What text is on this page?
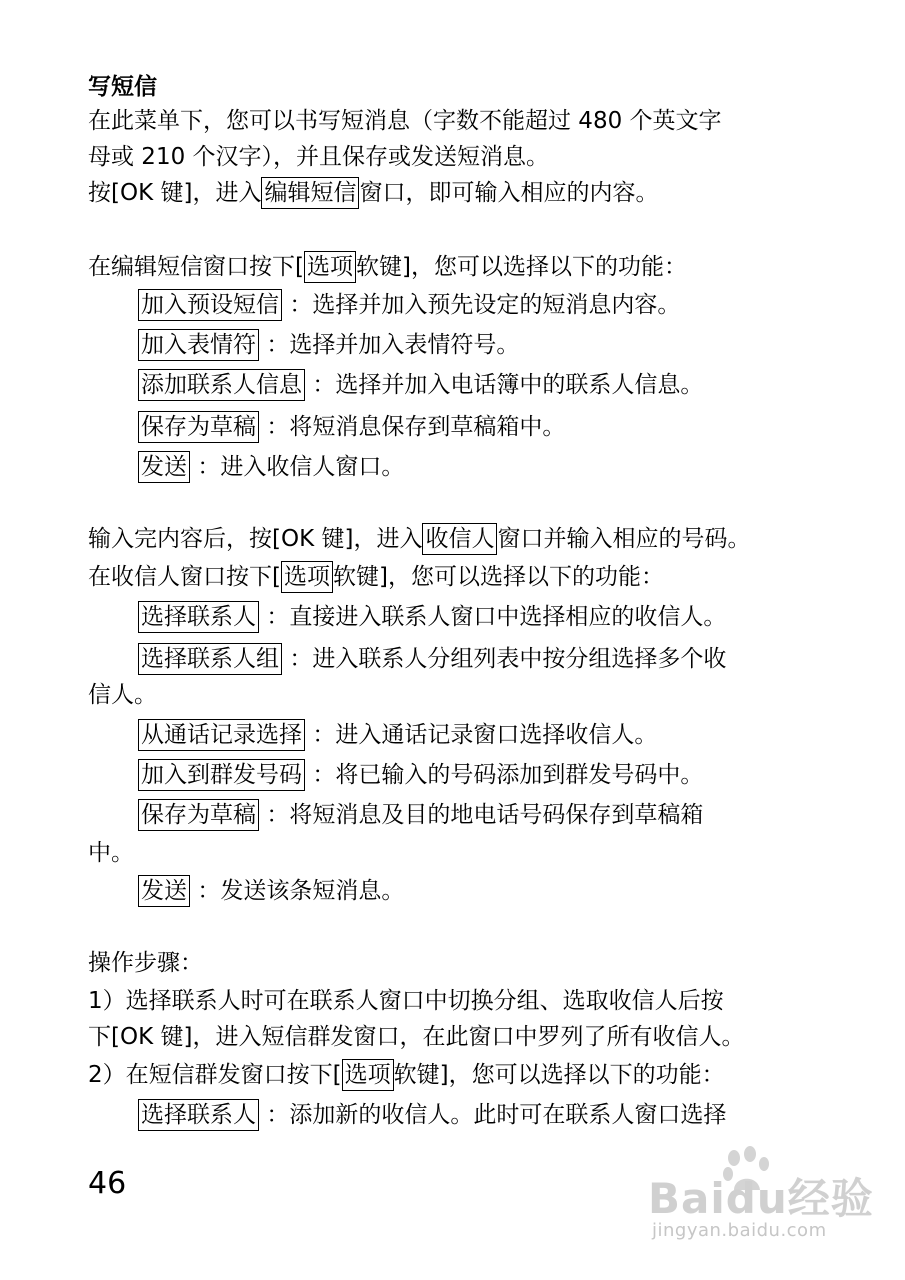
写短信
在此菜单下，您可以书写短消息（字数不能超过 480 个英文字
母或 210 个汉字），并且保存或发送短消息。
按[OK 键]，进入 编辑短信 窗口，即可输入相应的内容。
在编辑短信窗口按下[ 选项 软键]，您可以选择以下的功能：
加入预设短信 ：选择并加入预先设定的短消息内容。
加入表情符 ：选择并加入表情符号。
添加联系人信息 ：选择并加入电话簿中的联系人信息。
保存为草稿 ：将短消息保存到草稿箱中。
发送 ：进入收信人窗口。
输入完内容后，按[OK 键]，进入 收信人 窗口并输入相应的号码。
在收信人窗口按下[ 选项 软键]，您可以选择以下的功能：
选择联系人 ：直接进入联系人窗口中选择相应的收信人。
选择联系人组 ：进入联系人分组列表中按分组选择多个收
信人。
从通话记录选择 ：进入通话记录窗口选择收信人。
加入到群发号码 ：将已输入的号码添加到群发号码中。
保存为草稿 ：将短消息及目的地电话号码保存到草稿箱
中。
发送 ：发送该条短消息。
操作步骤：
1）选择联系人时可在联系人窗口中切换分组、选取收信人后按
下[OK 键]，进入短信群发窗口，在此窗口中罗列了所有收信人。
2）在短信群发窗口按下[ 选项 软键]，您可以选择以下的功能：
选择联系人 ：添加新的收信人。此时可在联系人窗口选择
46	Baidu经验
jingyan.baidu.com
